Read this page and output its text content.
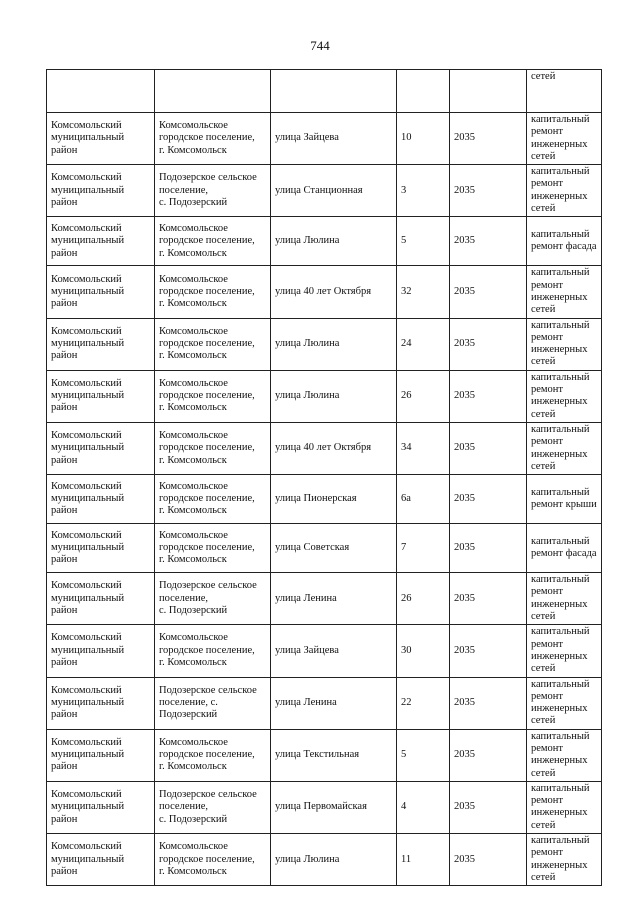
744
					сетей
Комсомольский
муниципальный
район	Комсомольское
городское поселение,
г. Комсомольск	улица Зайцева	10	2035	капитальный
ремонт
инженерных
сетей
Комсомольский
муниципальный
район	Подозерское сельское
поселение,
с. Подозерский	улица Станционная	3	2035	капитальный
ремонт
инженерных
сетей
Комсомольский
муниципальный
район	Комсомольское
городское поселение,
г. Комсомольск	улица Люлина	5	2035	капитальный
ремонт фасада
Комсомольский
муниципальный
район	Комсомольское
городское поселение,
г. Комсомольск	улица 40 лет Октября	32	2035	капитальный
ремонт
инженерных
сетей
Комсомольский
муниципальный
район	Комсомольское
городское поселение,
г. Комсомольск	улица Люлина	24	2035	капитальный
ремонт
инженерных
сетей
Комсомольский
муниципальный
район	Комсомольское
городское поселение,
г. Комсомольск	улица Люлина	26	2035	капитальный
ремонт
инженерных
сетей
Комсомольский
муниципальный
район	Комсомольское
городское поселение,
г. Комсомольск	улица 40 лет Октября	34	2035	капитальный
ремонт
инженерных
сетей
Комсомольский
муниципальный
район	Комсомольское
городское поселение,
г. Комсомольск	улица Пионерская	6а	2035	капитальный
ремонт крыши
Комсомольский
муниципальный
район	Комсомольское
городское поселение,
г. Комсомольск	улица Советская	7	2035	капитальный
ремонт фасада
Комсомольский
муниципальный
район	Подозерское сельское
поселение,
с. Подозерский	улица Ленина	26	2035	капитальный
ремонт
инженерных
сетей
Комсомольский
муниципальный
район	Комсомольское
городское поселение,
г. Комсомольск	улица Зайцева	30	2035	капитальный
ремонт
инженерных
сетей
Комсомольский
муниципальный
район	Подозерское сельское
поселение, с.
Подозерский	улица Ленина	22	2035	капитальный
ремонт
инженерных
сетей
Комсомольский
муниципальный
район	Комсомольское
городское поселение,
г. Комсомольск	улица Текстильная	5	2035	капитальный
ремонт
инженерных
сетей
Комсомольский
муниципальный
район	Подозерское сельское
поселение,
с. Подозерский	улица Первомайская	4	2035	капитальный
ремонт
инженерных
сетей
Комсомольский
муниципальный
район	Комсомольское
городское поселение,
г. Комсомольск	улица Люлина	11	2035	капитальный
ремонт
инженерных
сетей
